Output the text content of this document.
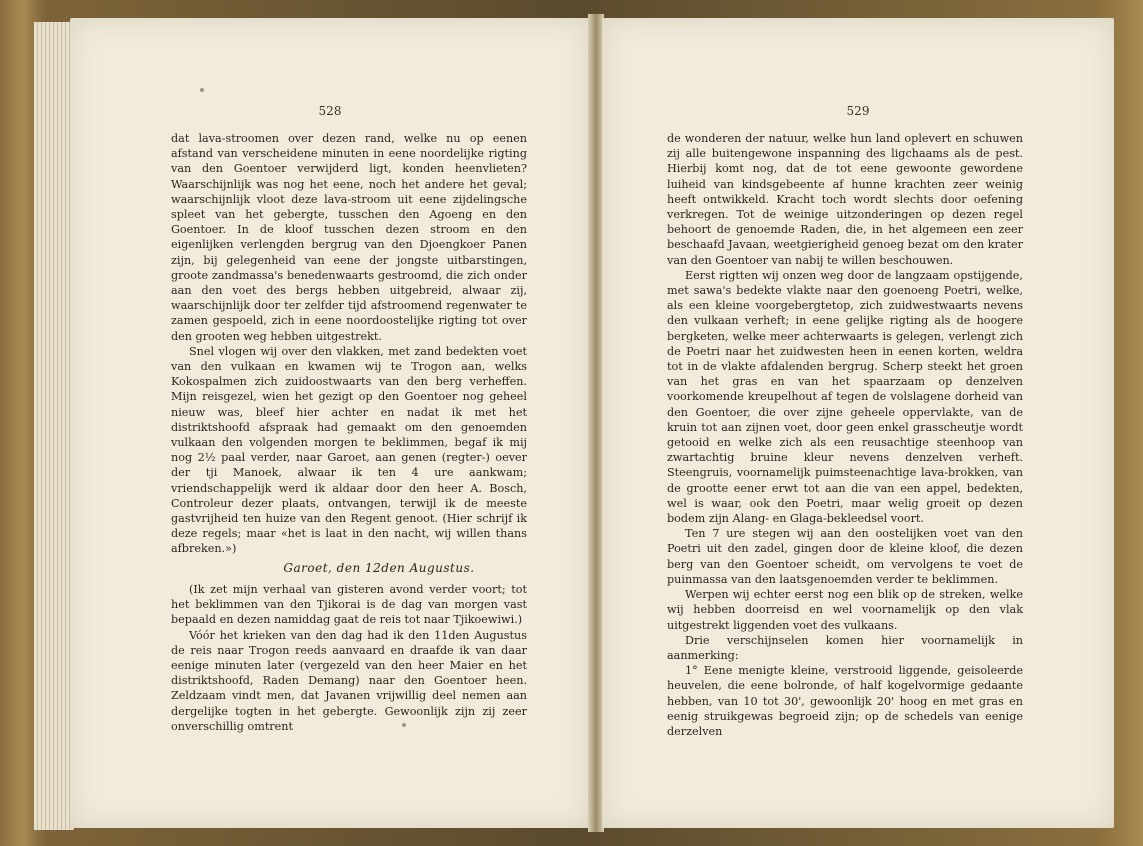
528

dat lava-stroomen over dezen rand, welke nu op eenen afstand van verscheidene minuten in eene noordelijke rigting van den Goentoer verwijderd ligt, konden heenvlieten? Waarschijnlijk was nog het eene, noch het andere het geval; waarschijnlijk vloot deze lava-stroom uit eene zijdelingsche spleet van het gebergte, tusschen den Agoeng en den Goentoer. In de kloof tusschen dezen stroom en den eigenlijken verlengden bergrug van den Djoengkoer Panen zijn, bij gelegenheid van eene der jongste uitbarstingen, groote zandmassa's benedenwaarts gestroomd, die zich onder aan den voet des bergs hebben uitgebreid, alwaar zij, waarschijnlijk door ter zelfder tijd afstroomend regenwater te zamen gespoeld, zich in eene noordoostelijke rigting tot over den grooten weg hebben uitgestrekt.

Snel vlogen wij over den vlakken, met zand bedekten voet van den vulkaan en kwamen wij te Trogon aan, welks Kokospalmen zich zuidoostwaarts van den berg verheffen. Mijn reisgezel, wien het gezigt op den Goentoer nog geheel nieuw was, bleef hier achter en nadat ik met het distriktshoofd afspraak had gemaakt om den genoemden vulkaan den volgenden morgen te beklimmen, begaf ik mij nog 2½ paal verder, naar Garoet, aan genen (regter-) oever der tji Manoek, alwaar ik ten 4 ure aankwam; vriendschappelijk werd ik aldaar door den heer A. Bosch, Controleur dezer plaats, ontvangen, terwijl ik de meeste gastvrijheid ten huize van den Regent genoot. (Hier schrijf ik deze regels; maar «het is laat in den nacht, wij willen thans afbreken.»)

Garoet, den 12den Augustus.

(Ik zet mijn verhaal van gisteren avond verder voort; tot het beklimmen van den Tjikorai is de dag van morgen vast bepaald en dezen namiddag gaat de reis tot naar Tjikoewiwi.)

Vóór het krieken van den dag had ik den 11den Augustus de reis naar Trogon reeds aanvaard en draafde ik van daar eenige minuten later (vergezeld van den heer Maier en het distriktshoofd, Raden Demang) naar den Goentoer heen. Zeldzaam vindt men, dat Javanen vrijwillig deel nemen aan dergelijke togten in het gebergte. Gewoonlijk zijn zij zeer onverschillig omtrent

529

de wonderen der natuur, welke hun land oplevert en schuwen zij alle buitengewone inspanning des ligchaams als de pest. Hierbij komt nog, dat de tot eene gewoonte gewordene luiheid van kindsgebeente af hunne krachten zeer weinig heeft ontwikkeld. Kracht toch wordt slechts door oefening verkregen. Tot de weinige uitzonderingen op dezen regel behoort de genoemde Raden, die, in het algemeen een zeer beschaafd Javaan, weetgierigheid genoeg bezat om den krater van den Goentoer van nabij te willen beschouwen.

Eerst rigtten wij onzen weg door de langzaam opstijgende, met sawa's bedekte vlakte naar den goenoeng Poetri, welke, als een kleine voorgebergtetop, zich zuidwestwaarts nevens den vulkaan verheft; in eene gelijke rigting als de hoogere bergketen, welke meer achterwaarts is gelegen, verlengt zich de Poetri naar het zuidwesten heen in eenen korten, weldra tot in de vlakte afdalenden bergrug. Scherp steekt het groen van het gras en van het spaarzaam op denzelven voorkomende kreupelhout af tegen de volslagene dorheid van den Goentoer, die over zijne geheele oppervlakte, van de kruin tot aan zijnen voet, door geen enkel grasscheutje wordt getooid en welke zich als een reusachtige steenhoop van zwartachtig bruine kleur nevens denzelven verheft. Steengruis, voornamelijk puimsteenachtige lava-brokken, van de grootte eener erwt tot aan die van een appel, bedekten, wel is waar, ook den Poetri, maar welig groeit op dezen bodem zijn Alang- en Glaga-bekleedsel voort.

Ten 7 ure stegen wij aan den oostelijken voet van den Poetri uit den zadel, gingen door de kleine kloof, die dezen berg van den Goentoer scheidt, om vervolgens te voet de puinmassa van den laatsgenoemden verder te beklimmen.

Werpen wij echter eerst nog een blik op de streken, welke wij hebben doorreisd en wel voornamelijk op den vlak uitgestrekt liggenden voet des vulkaans.

Drie verschijnselen komen hier voornamelijk in aanmerking:

1° Eene menigte kleine, verstrooid liggende, geisoleerde heuvelen, die eene bolronde, of half kogelvormige gedaante hebben, van 10 tot 30', gewoonlijk 20' hoog en met gras en eenig struikgewas begroeid zijn; op de schedels van eenige derzelven
